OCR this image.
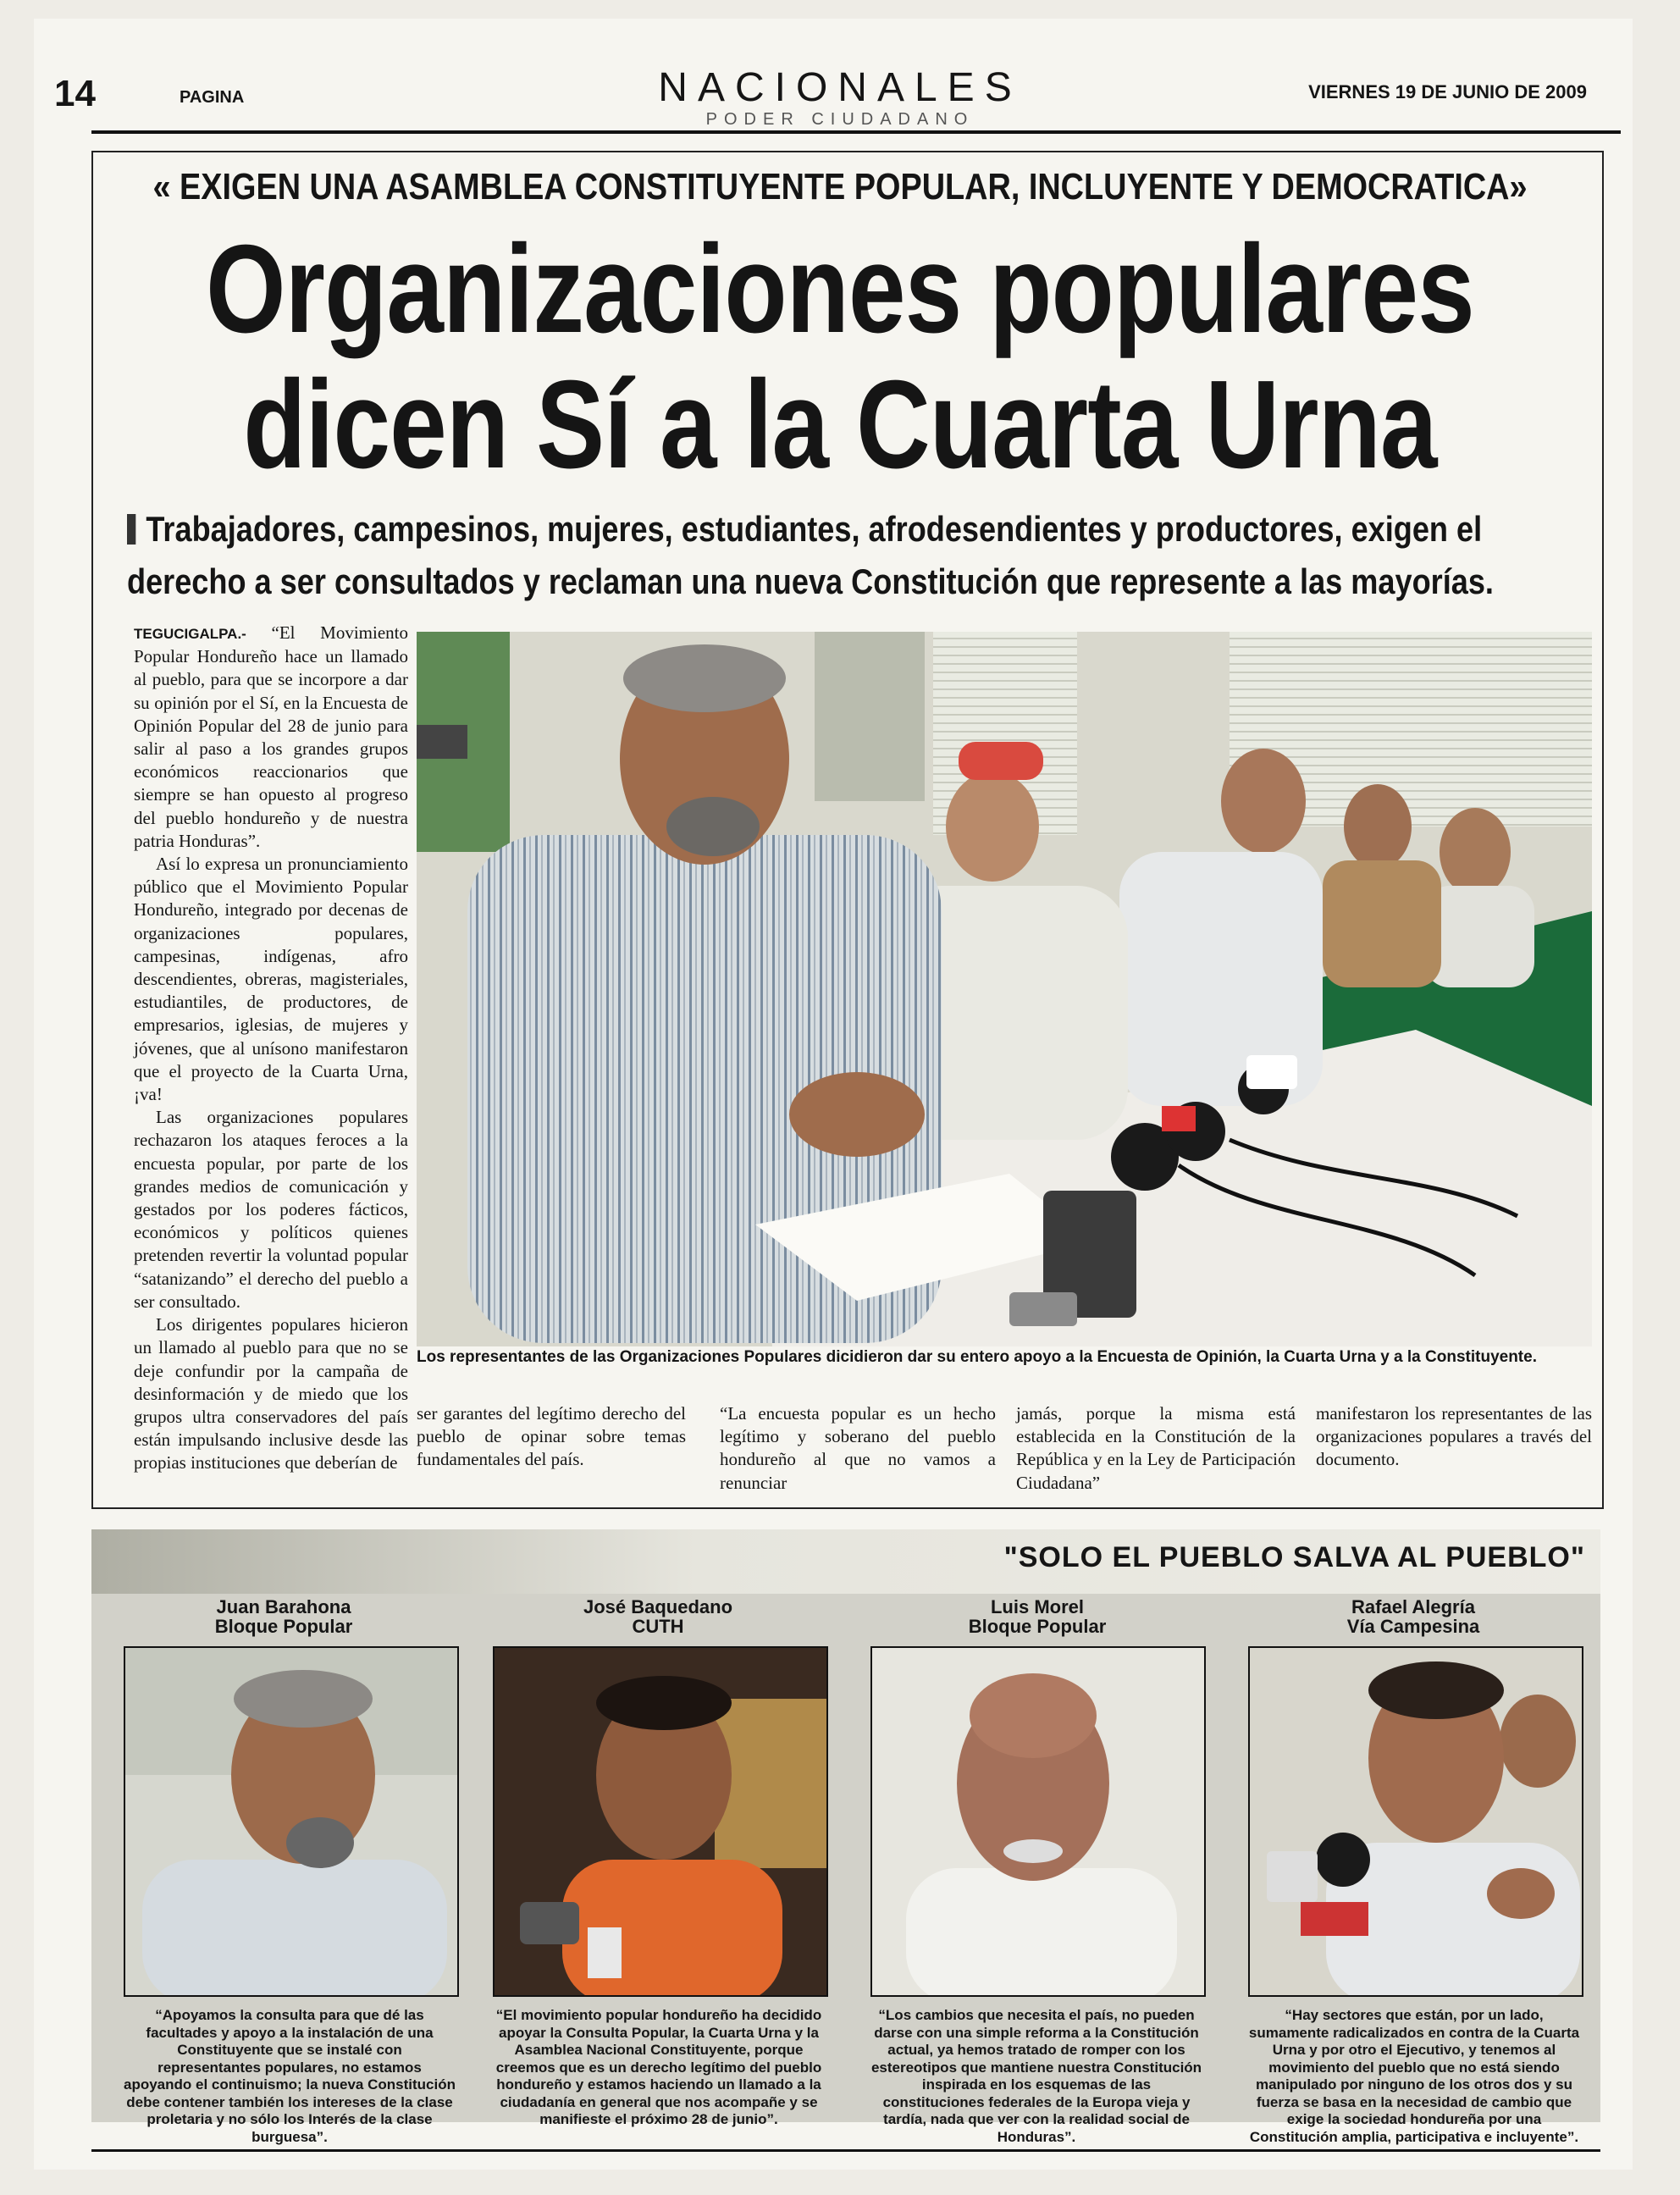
14	PAGINA	NACIONALES
PODER CIUDADANO
VIERNES 19 DE JUNIO DE 2009
« EXIGEN UNA ASAMBLEA CONSTITUYENTE POPULAR, INCLUYENTE Y DEMOCRATICA»
Organizaciones populares
dicen Sí a la Cuarta Urna
Trabajadores, campesinos, mujeres, estudiantes, afrodesendientes y productores, exigen el
derecho a ser consultados y reclaman una nueva Constitución que represente a las mayorías.

TEGUCIGALPA.- “El Movimiento Popular Hondureño hace un llamado al pueblo, para que se incorpore a dar su opinión por el Sí, en la Encuesta de Opinión Popular del 28 de junio para salir al paso a los grandes grupos económicos reaccionarios que siempre se han opuesto al progreso del pueblo hondureño y de nuestra patria Honduras”.

Así lo expresa un pronunciamiento público que el Movimiento Popular Hondureño, integrado por decenas de organizaciones populares, campesinas, indígenas, afro descendientes, obreras, magisteriales, estudiantiles, de productores, de empresarios, iglesias, de mujeres y jóvenes, que al unísono manifestaron que el proyecto de la Cuarta Urna, ¡va!

Las organizaciones populares rechazaron los ataques feroces a la encuesta popular, por parte de los grandes medios de comunicación y gestados por los poderes fácticos, económicos y políticos quienes pretenden revertir la voluntad popular “satanizando” el derecho del pueblo a ser consultado.

Los dirigentes populares hicieron un llamado al pueblo para que no se deje confundir por la campaña de desinformación y de miedo que los grupos ultra conservadores del país están impulsando inclusive desde las propias instituciones que deberían de

Los representantes de las Organizaciones Populares dicidieron dar su entero apoyo a la Encuesta de Opinión, la Cuarta Urna y a la Constituyente.

ser garantes del legítimo derecho del pueblo de opinar sobre temas fundamentales del país.

“La encuesta popular es un hecho legítimo y soberano del pueblo hondureño al que no vamos a renunciar

jamás, porque la misma está establecida en la Constitución de la República y en la Ley de Participación Ciudadana”

manifestaron los representantes de las organizaciones populares a través del documento.

"SOLO EL PUEBLO SALVA AL PUEBLO"
Juan Barahona
Bloque Popular
“Apoyamos la consulta para que dé las facultades y apoyo a la instalación de una Constituyente que se instalé con representantes populares, no estamos apoyando el continuismo; la nueva Constitución debe contener también los intereses de la clase proletaria y no sólo los Interés de la clase burguesa”.
José Baquedano
CUTH
“El movimiento popular hondureño ha decidido apoyar la Consulta Popular, la Cuarta Urna y la Asamblea Nacional Constituyente, porque creemos que es un derecho legítimo del pueblo hondureño y estamos haciendo un llamado a la ciudadanía en general que nos acompañe y se manifieste el próximo 28 de junio”.
Luis Morel
Bloque Popular
“Los cambios que necesita el país, no pueden darse con una simple reforma a la Constitución actual, ya hemos tratado de romper con los estereotipos que mantiene nuestra Constitución inspirada en los esquemas de las constituciones federales de la Europa vieja y tardía, nada que ver con la realidad social de Honduras”.
Rafael Alegría
Vía Campesina
“Hay sectores que están, por un lado, sumamente radicalizados en contra de la Cuarta Urna y por otro el Ejecutivo, y tenemos al movimiento del pueblo que no está siendo manipulado por ninguno de los otros dos y su fuerza se basa en la necesidad de cambio que exige la sociedad hondureña por una Constitución amplia, participativa e incluyente”.
